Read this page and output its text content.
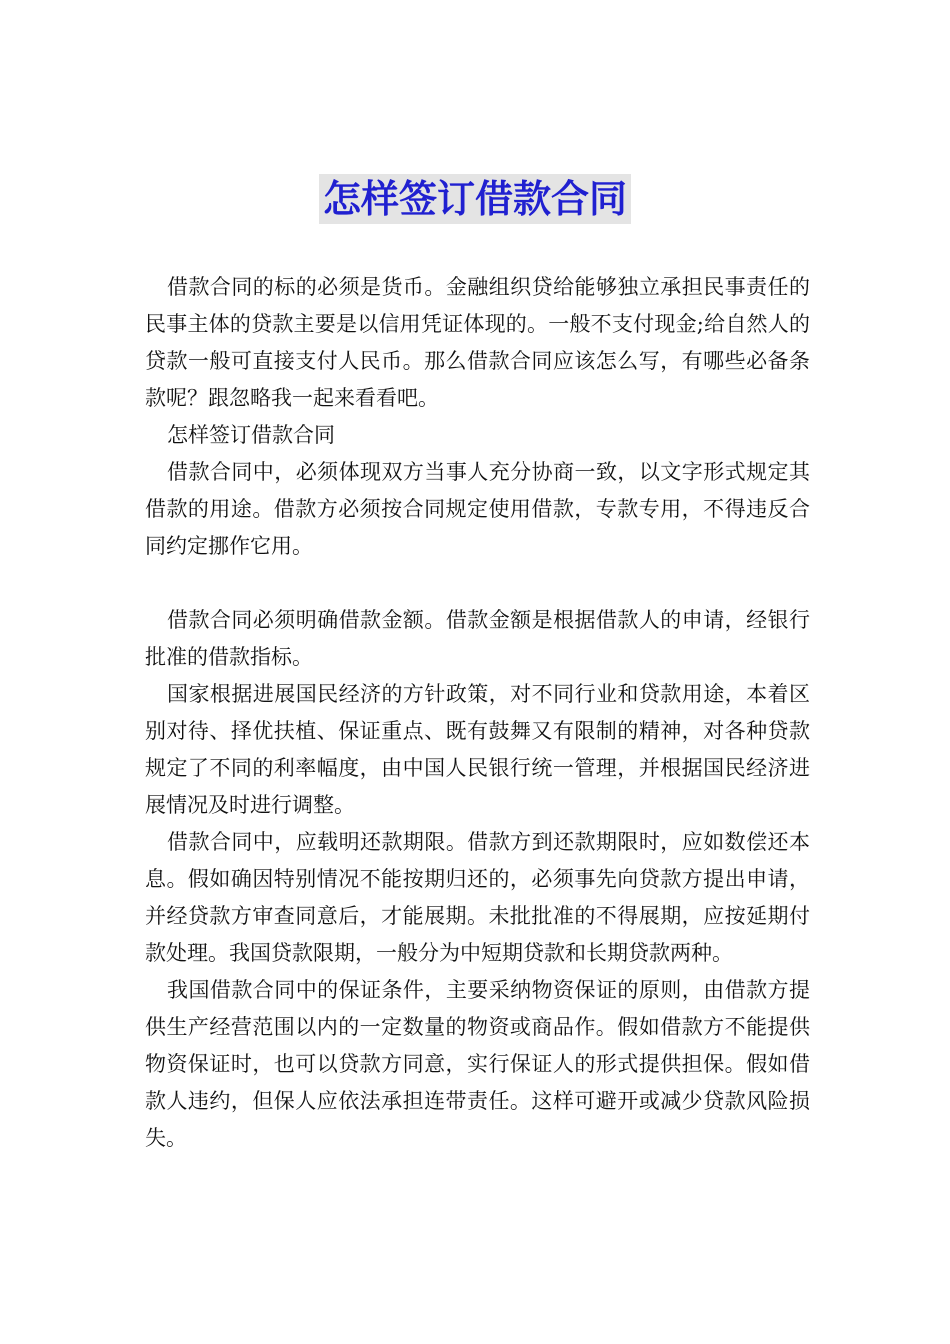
怎样签订借款合同

借款合同的标的必须是货币。金融组织贷给能够独立承担民事责任的民事主体的贷款主要是以信用凭证体现的。一般不支付现金;给自然人的贷款一般可直接支付人民币。那么借款合同应该怎么写，有哪些必备条款呢？跟忽略我一起来看看吧。

怎样签订借款合同

借款合同中，必须体现双方当事人充分协商一致，以文字形式规定其借款的用途。借款方必须按合同规定使用借款，专款专用，不得违反合同约定挪作它用。

借款合同必须明确借款金额。借款金额是根据借款人的申请，经银行批准的借款指标。

国家根据进展国民经济的方针政策，对不同行业和贷款用途，本着区别对待、择优扶植、保证重点、既有鼓舞又有限制的精神，对各种贷款规定了不同的利率幅度，由中国人民银行统一管理，并根据国民经济进展情况及时进行调整。

借款合同中，应载明还款期限。借款方到还款期限时，应如数偿还本息。假如确因特别情况不能按期归还的，必须事先向贷款方提出申请，并经贷款方审查同意后，才能展期。未批批准的不得展期，应按延期付款处理。我国贷款限期，一般分为中短期贷款和长期贷款两种。

我国借款合同中的保证条件，主要采纳物资保证的原则，由借款方提供生产经营范围以内的一定数量的物资或商品作。假如借款方不能提供物资保证时，也可以贷款方同意，实行保证人的形式提供担保。假如借款人违约，但保人应依法承担连带责任。这样可避开或减少贷款风险损失。
